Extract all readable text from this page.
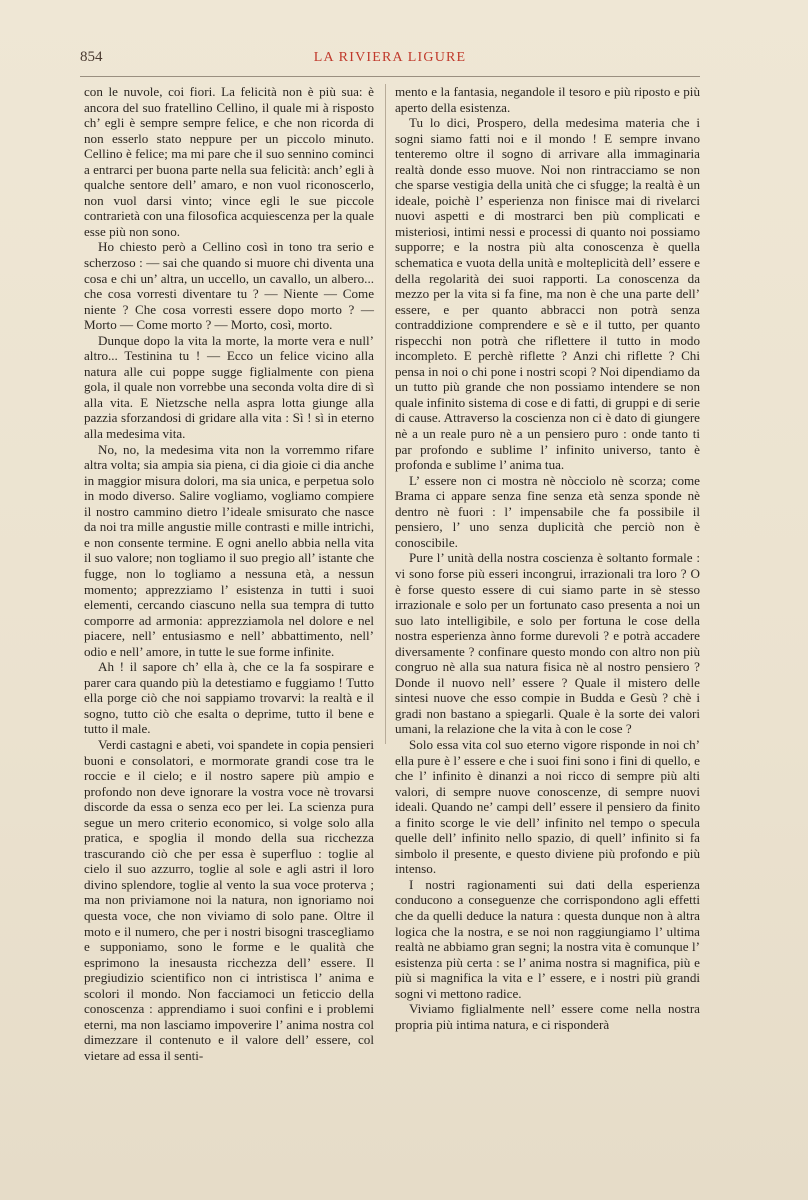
854	LA RIVIERA LIGURE

con le nuvole, coi fiori. La felicità non è più sua: è ancora del suo fratellino Cellino, il quale mi à risposto ch’ egli è sempre sempre felice, e che non ricorda di non esserlo stato neppure per un piccolo minuto. Cellino è felice; ma mi pare che il suo sennino cominci a entrarci per buona parte nella sua felicità: anch’ egli à qualche sentore dell’ amaro, e non vuol riconoscerlo, non vuol darsi vinto; vince egli le sue piccole contrarietà con una filosofica acquiescenza per la quale esse più non sono.

Ho chiesto però a Cellino così in tono tra serio e scherzoso : — sai che quando si muore chi diventa una cosa e chi un’ altra, un uccello, un cavallo, un albero... che cosa vorresti diventare tu ? — Niente — Come niente ? Che cosa vorresti essere dopo morto ? — Morto — Come morto ? — Morto, così, morto.

Dunque dopo la vita la morte, la morte vera e null’ altro... Testinina tu ! — Ecco un felice vicino alla natura alle cui poppe sugge figlialmente con piena gola, il quale non vorrebbe una seconda volta dire di sì alla vita. E Nietzsche nella aspra lotta giunge alla pazzia sforzandosi di gridare alla vita : Sì ! sì in eterno alla medesima vita.

No, no, la medesima vita non la vorremmo rifare altra volta; sia ampia sia piena, ci dia gioie ci dia anche in maggior misura dolori, ma sia unica, e perpetua solo in modo diverso. Salire vogliamo, vogliamo compiere il nostro cammino dietro l’ideale smisurato che nasce da noi tra mille angustie mille contrasti e mille intrichi, e non consente termine. E ogni anello abbia nella vita il suo valore; non togliamo il suo pregio all’ istante che fugge, non lo togliamo a nessuna età, a nessun momento; apprezziamo l’ esistenza in tutti i suoi elementi, cercando ciascuno nella sua tempra di tutto comporre ad armonia: apprezziamola nel dolore e nel piacere, nell’ entusiasmo e nell’ abbattimento, nell’ odio e nell’ amore, in tutte le sue forme infinite.

Ah ! il sapore ch’ ella à, che ce la fa sospirare e parer cara quando più la detestiamo e fuggiamo ! Tutto ella porge ciò che noi sappiamo trovarvi: la realtà e il sogno, tutto ciò che esalta o deprime, tutto il bene e tutto il male.

Verdi castagni e abeti, voi spandete in copia pensieri buoni e consolatori, e mormorate grandi cose tra le roccie e il cielo; e il nostro sapere più ampio e profondo non deve ignorare la vostra voce nè trovarsi discorde da essa o senza eco per lei. La scienza pura segue un mero criterio economico, si volge solo alla pratica, e spoglia il mondo della sua ricchezza trascurando ciò che per essa è superfluo : toglie al cielo il suo azzurro, toglie al sole e agli astri il loro divino splendore, toglie al vento la sua voce proterva ; ma non priviamone noi la natura, non ignoriamo noi questa voce, che non viviamo di solo pane. Oltre il moto e il numero, che per i nostri bisogni trascegliamo e supponiamo, sono le forme e le qualità che esprimono la inesausta ricchezza dell’ essere. Il pregiudizio scientifico non ci intristisca l’ anima e scolori il mondo. Non facciamoci un feticcio della conoscenza : apprendiamo i suoi confini e i problemi eterni, ma non lasciamo impoverire l’ anima nostra col dimezzare il contenuto e il valore dell’ essere, col vietare ad essa il senti-

mento e la fantasia, negandole il tesoro e più riposto e più aperto della esistenza.

Tu lo dici, Prospero, della medesima materia che i sogni siamo fatti noi e il mondo ! E sempre invano tenteremo oltre il sogno di arrivare alla immaginaria realtà donde esso muove. Noi non rintracciamo se non che sparse vestigia della unità che ci sfugge; la realtà è un ideale, poichè l’ esperienza non finisce mai di rivelarci nuovi aspetti e di mostrarci ben più complicati e misteriosi, intimi nessi e processi di quanto noi possiamo supporre; e la nostra più alta conoscenza è quella schematica e vuota della unità e molteplicità dell’ essere e della regolarità dei suoi rapporti. La conoscenza da mezzo per la vita si fa fine, ma non è che una parte dell’ essere, e per quanto abbracci non potrà senza contraddizione comprendere e sè e il tutto, per quanto rispecchi non potrà che riflettere il tutto in modo incompleto. E perchè riflette ? Anzi chi riflette ? Chi pensa in noi o chi pone i nostri scopi ? Noi dipendiamo da un tutto più grande che non possiamo intendere se non quale infinito sistema di cose e di fatti, di gruppi e di serie di cause. Attraverso la coscienza non ci è dato di giungere nè a un reale puro nè a un pensiero puro : onde tanto ti par profondo e sublime l’ infinito universo, tanto è profonda e sublime l’ anima tua.

L’ essere non ci mostra nè nòcciolo nè scorza; come Brama ci appare senza fine senza età senza sponde nè dentro nè fuori : l’ impensabile che fa possibile il pensiero, l’ uno senza duplicità che perciò non è conoscibile.

Pure l’ unità della nostra coscienza è soltanto formale : vi sono forse più esseri incongrui, irrazionali tra loro ? O è forse questo essere di cui siamo parte in sè stesso irrazionale e solo per un fortunato caso presenta a noi un suo lato intelligibile, e solo per fortuna le cose della nostra esperienza ànno forme durevoli ? e potrà accadere diversamente ? confinare questo mondo con altro non più congruo nè alla sua natura fisica nè al nostro pensiero ? Donde il nuovo nell’ essere ? Quale il mistero delle sintesi nuove che esso compie in Budda e Gesù ? chè i gradi non bastano a spiegarli. Quale è la sorte dei valori umani, la relazione che la vita à con le cose ?

Solo essa vita col suo eterno vigore risponde in noi ch’ ella pure è l’ essere e che i suoi fini sono i fini di quello, e che l’ infinito è dinanzi a noi ricco di sempre più alti valori, di sempre nuove conoscenze, di sempre nuovi ideali. Quando ne’ campi dell’ essere il pensiero da finito a finito scorge le vie dell’ infinito nel tempo o specula quelle dell’ infinito nello spazio, di quell’ infinito si fa simbolo il presente, e questo diviene più profondo e più intenso.

I nostri ragionamenti sui dati della esperienza conducono a conseguenze che corrispondono agli effetti che da quelli deduce la natura : questa dunque non à altra logica che la nostra, e se noi non raggiungiamo l’ ultima realtà ne abbiamo gran segni; la nostra vita è comunque l’ esistenza più certa : se l’ anima nostra si magnifica, più e più si magnifica la vita e l’ essere, e i nostri più grandi sogni vi mettono radice.

Viviamo figlialmente nell’ essere come nella nostra propria più intima natura, e ci risponderà
